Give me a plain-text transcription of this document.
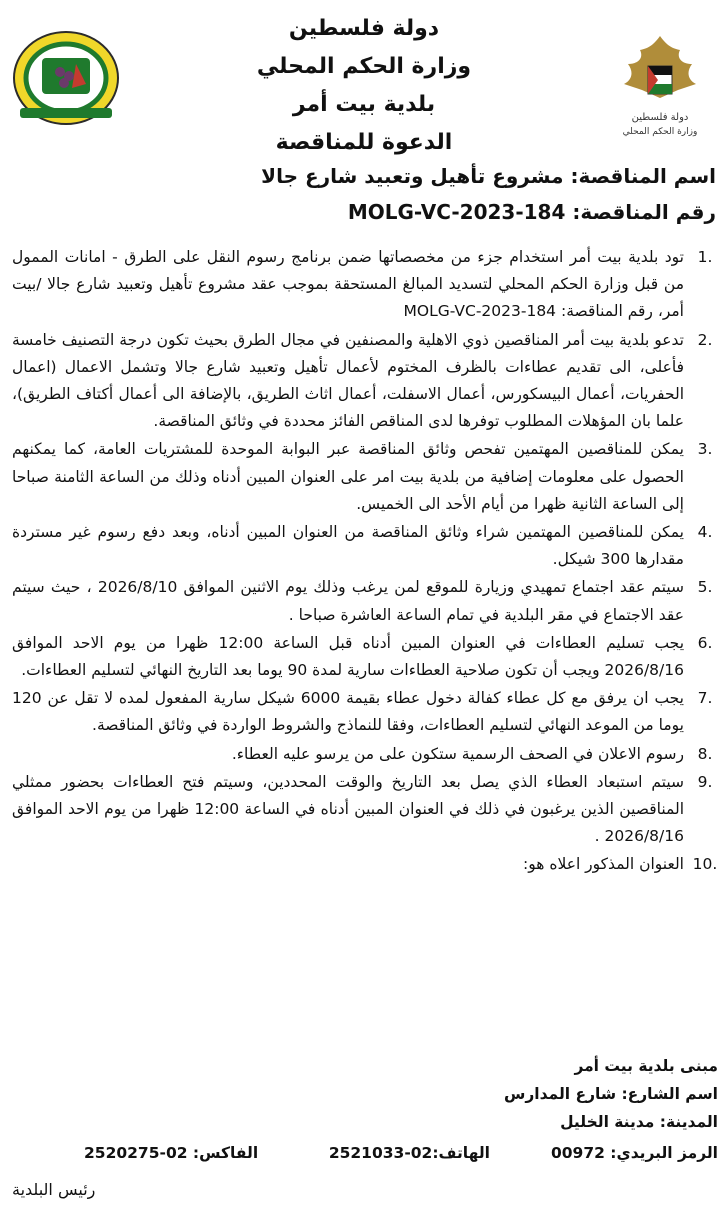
دولة فلسطين
وزارة الحكم المحلي
بلدية بيت أمر
الدعوة للمناقصة
دولة فلسطين
وزارة الحكم المحلي
اسم المناقصة: مشروع تأهيل وتعبيد شارع جالا
رقم المناقصة: MOLG-VC-2023-184
.1
تود بلدية بيت أمر استخدام جزء من مخصصاتها ضمن برنامج رسوم النقل على الطرق - امانات الممول من قبل وزارة الحكم المحلي لتسديد المبالغ المستحقة بموجب عقد مشروع تأهيل وتعبيد شارع جالا /بيت أمر، رقم المناقصة: MOLG-VC-2023-184
.2
تدعو بلدية بيت أمر المناقصين ذوي الاهلية والمصنفين في مجال الطرق بحيث تكون درجة التصنيف خامسة فأعلى، الى تقديم عطاءات بالظرف المختوم لأعمال تأهيل وتعبيد شارع جالا وتشمل الاعمال (اعمال الحفريات، أعمال البيسكورس، أعمال الاسفلت، أعمال اثاث الطريق، بالإضافة الى أعمال أكتاف الطريق)، علما بان المؤهلات المطلوب توفرها لدى المناقص الفائز محددة في وثائق المناقصة.
.3
يمكن للمناقصين المهتمين تفحص وثائق المناقصة عبر البوابة الموحدة للمشتريات العامة، كما يمكنهم الحصول على معلومات إضافية من بلدية بيت امر على العنوان المبين أدناه وذلك من الساعة الثامنة صباحا إلى الساعة الثانية ظهرا من أيام الأحد الى الخميس.
.4
يمكن للمناقصين المهتمين شراء وثائق المناقصة من العنوان المبين أدناه، وبعد دفع رسوم غير مستردة مقدارها 300 شيكل.
.5
سيتم عقد اجتماع تمهيدي وزيارة للموقع لمن يرغب وذلك يوم الاثنين الموافق 2026/8/10 ، حيث سيتم عقد الاجتماع في مقر البلدية في تمام الساعة العاشرة صباحا .
.6
يجب تسليم العطاءات في العنوان المبين أدناه قبل الساعة 12:00 ظهرا من يوم الاحد الموافق 2026/8/16 ويجب أن تكون صلاحية العطاءات سارية لمدة 90 يوما بعد التاريخ النهائي لتسليم العطاءات.
.7
يجب ان يرفق مع كل عطاء كفالة دخول عطاء بقيمة 6000 شيكل سارية المفعول لمده لا تقل عن 120 يوما من الموعد النهائي لتسليم العطاءات، وفقا للنماذج والشروط الواردة في وثائق المناقصة.
.8
رسوم الاعلان في الصحف الرسمية ستكون على من يرسو عليه العطاء.
.9
سيتم استبعاد العطاء الذي يصل بعد التاريخ والوقت المحددين، وسيتم فتح العطاءات بحضور ممثلي المناقصين الذين يرغبون في ذلك في العنوان المبين أدناه في الساعة 12:00 ظهرا من يوم الاحد الموافق 2026/8/16 .
.10
العنوان المذكور اعلاه هو:
مبنى بلدية بيت أمر
اسم الشارع: شارع المدارس
المدينة: مدينة الخليل
الرمز البريدي: 00972
الهاتف:02-2521033
الفاكس: 02-2520275
رئيس البلدية
